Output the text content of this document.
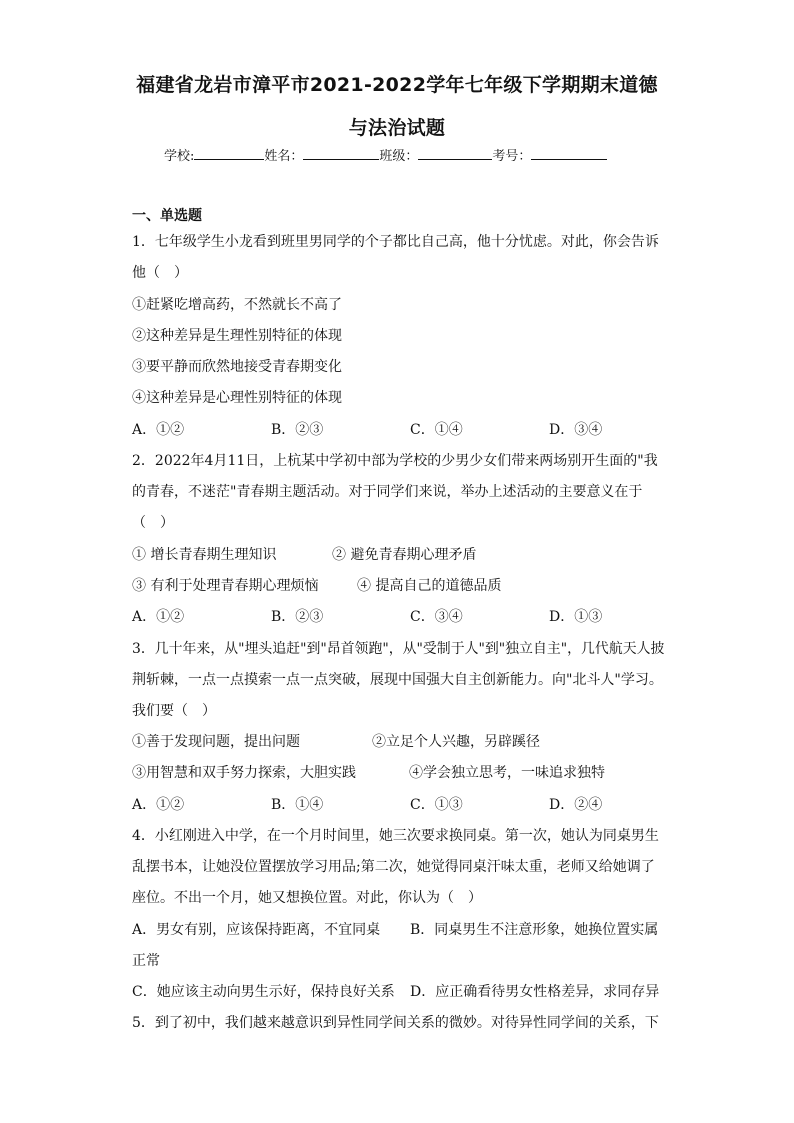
福建省龙岩市漳平市2021-2022学年七年级下学期期末道德
与法治试题
学校:	姓名：	班级：	考号：
一、单选题
1．七年级学生小龙看到班里男同学的个子都比自己高，他十分忧虑。对此，你会告诉
他（　）
①赶紧吃增高药，不然就长不高了
②这种差异是生理性别特征的体现
③要平静而欣然地接受青春期变化
④这种差异是心理性别特征的体现
A．①②	B．②③	C．①④	D．③④
2．2022年4月11日，上杭某中学初中部为学校的少男少女们带来两场别开生面的"我
的青春，不迷茫"青春期主题活动。对于同学们来说，举办上述活动的主要意义在于
（　）
① 增长青春期生理知识	② 避免青春期心理矛盾
③ 有利于处理青春期心理烦恼	④ 提高自己的道德品质
A．①②	B．②③	C．③④	D．①③
3．几十年来，从"埋头追赶"到"昂首领跑"，从"受制于人"到"独立自主"，几代航天人披
荆斩棘，一点一点摸索一点一点突破，展现中国强大自主创新能力。向"北斗人"学习。
我们要（　）
①善于发现问题，提出问题	②立足个人兴趣，另辟蹊径
③用智慧和双手努力探索，大胆实践	④学会独立思考，一味追求独特
A．①②	B．①④	C．①③	D．②④
4．小红刚进入中学，在一个月时间里，她三次要求换同桌。第一次，她认为同桌男生
乱摆书本，让她没位置摆放学习用品;第二次，她觉得同桌汗味太重，老师又给她调了
座位。不出一个月，她又想换位置。对此，你认为（　）
A．男女有别，应该保持距离，不宜同桌 B．同桌男生不注意形象，她换位置实属
正常
C．她应该主动向男生示好，保持良好关系 D．应正确看待男女性格差异，求同存异
5．到了初中，我们越来越意识到异性同学间关系的微妙。对待异性同学间的关系，下
